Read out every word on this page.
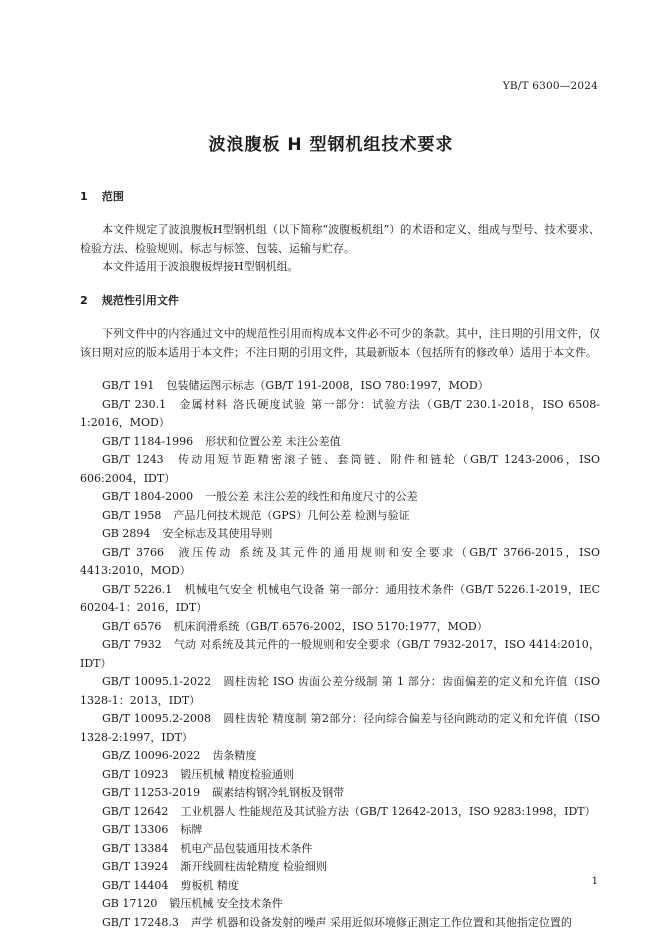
YB/T 6300—2024
波浪腹板 H 型钢机组技术要求
1 范围

本文件规定了波浪腹板H型钢机组（以下简称“波腹板机组”）的术语和定义、组成与型号、技术要求、检验方法、检验规则、标志与标签、包装、运输与贮存。

本文件适用于波浪腹板焊接H型钢机组。

2 规范性引用文件

下列文件中的内容通过文中的规范性引用而构成本文件必不可少的条款。其中，注日期的引用文件，仅该日期对应的版本适用于本文件；不注日期的引用文件，其最新版本（包括所有的修改单）适用于本文件。

GB/T 191 包装储运图示标志（GB/T 191-2008，ISO 780:1997，MOD）

GB/T 230.1 金属材料 洛氏硬度试验 第一部分：试验方法（GB/T 230.1-2018，ISO 6508-1:2016，MOD）

GB/T 1184-1996 形状和位置公差 未注公差值

GB/T 1243 传动用短节距精密滚子链、套筒链、附件和链轮（GB/T 1243-2006，ISO 606:2004，IDT）

GB/T 1804-2000 一般公差 未注公差的线性和角度尺寸的公差

GB/T 1958 产品几何技术规范（GPS）几何公差 检测与验证

GB 2894 安全标志及其使用导则

GB/T 3766 液压传动 系统及其元件的通用规则和安全要求（GB/T 3766-2015，ISO 4413:2010，MOD）

GB/T 5226.1 机械电气安全 机械电气设备 第一部分：通用技术条件（GB/T 5226.1-2019，IEC 60204-1：2016，IDT）

GB/T 6576 机床润滑系统（GB/T 6576-2002，ISO 5170:1977，MOD）

GB/T 7932 气动 对系统及其元件的一般规则和安全要求（GB/T 7932-2017，ISO 4414:2010，IDT）

GB/T 10095.1-2022 圆柱齿轮 ISO 齿面公差分级制 第 1 部分：齿面偏差的定义和允许值（ISO 1328-1：2013，IDT）

GB/T 10095.2-2008 圆柱齿轮 精度制 第2部分：径向综合偏差与径向跳动的定义和允许值（ISO 1328-2:1997，IDT）

GB/Z 10096-2022 齿条精度

GB/T 10923 锻压机械 精度检验通则

GB/T 11253-2019 碳素结构钢冷轧钢板及钢带

GB/T 12642 工业机器人 性能规范及其试验方法（GB/T 12642-2013，ISO 9283:1998，IDT）

GB/T 13306 标牌

GB/T 13384 机电产品包装通用技术条件

GB/T 13924 渐开线圆柱齿轮精度 检验细则

GB/T 14404 剪板机 精度

GB 17120 锻压机械 安全技术条件

GB/T 17248.3 声学 机器和设备发射的噪声 采用近似环境修正测定工作位置和其他指定位置的

1
